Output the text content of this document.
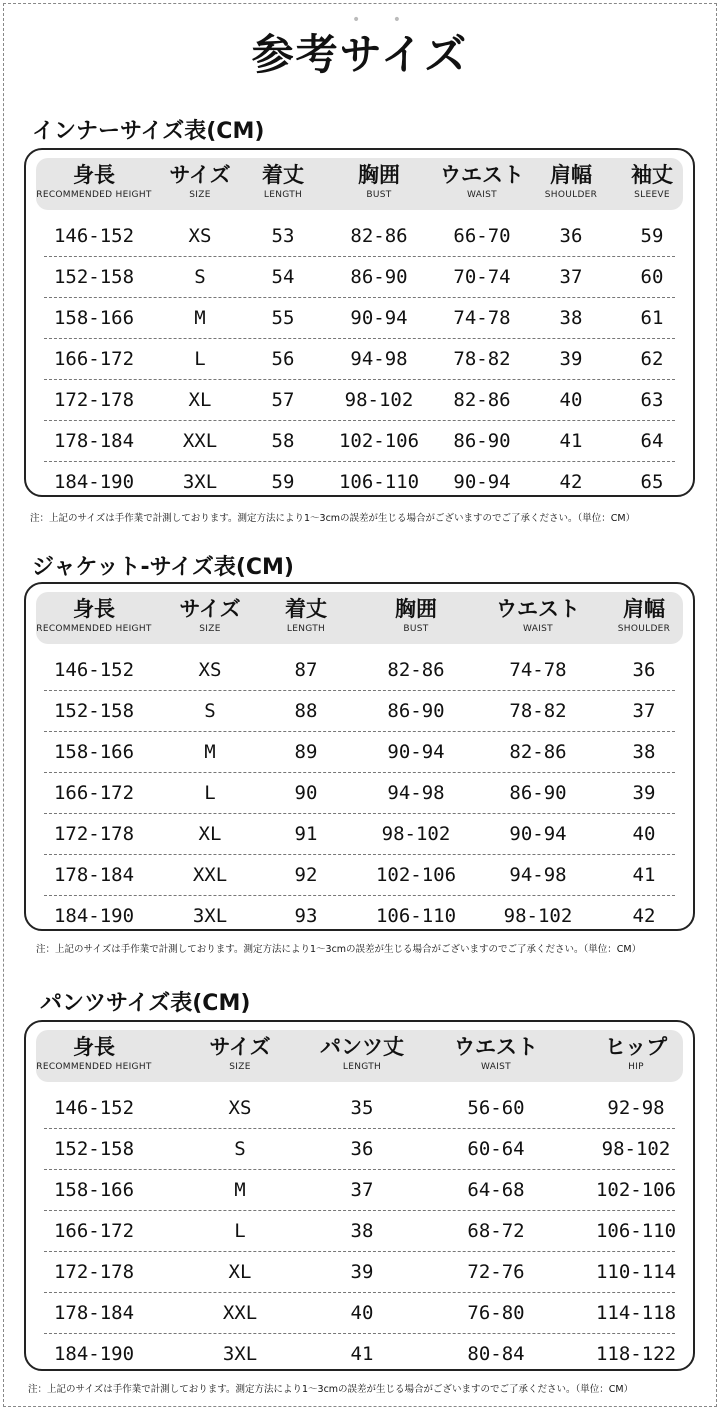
• •
参考サイズ
インナーサイズ表(CM)
身長
RECOMMENDED HEIGHT
サイズ
SIZE
着丈
LENGTH
胸囲
BUST
ウエスト
WAIST
肩幅
SHOULDER
袖丈
SLEEVE
146-152	XS	53	82-86	66-70	36	59
152-158	S	54	86-90	70-74	37	60
158-166	M	55	90-94	74-78	38	61
166-172	L	56	94-98	78-82	39	62
172-178	XL	57	98-102	82-86	40	63
178-184	XXL	58	102-106	86-90	41	64
184-190	3XL	59	106-110	90-94	42	65
注：上記のサイズは手作業で計測しております。測定方法により1〜3cmの誤差が生じる場合がございますのでご了承ください。（単位：CM）
ジャケット-サイズ表(CM)
身長
RECOMMENDED HEIGHT
サイズ
SIZE
着丈
LENGTH
胸囲
BUST
ウエスト
WAIST
肩幅
SHOULDER
146-152	XS	87	82-86	74-78	36
152-158	S	88	86-90	78-82	37
158-166	M	89	90-94	82-86	38
166-172	L	90	94-98	86-90	39
172-178	XL	91	98-102	90-94	40
178-184	XXL	92	102-106	94-98	41
184-190	3XL	93	106-110	98-102	42
注：上記のサイズは手作業で計測しております。測定方法により1〜3cmの誤差が生じる場合がございますのでご了承ください。（単位：CM）
パンツサイズ表(CM)
身長
RECOMMENDED HEIGHT
サイズ
SIZE
パンツ丈
LENGTH
ウエスト
WAIST
ヒップ
HIP
146-152	XS	35	56-60	92-98
152-158	S	36	60-64	98-102
158-166	M	37	64-68	102-106
166-172	L	38	68-72	106-110
172-178	XL	39	72-76	110-114
178-184	XXL	40	76-80	114-118
184-190	3XL	41	80-84	118-122
注：上記のサイズは手作業で計測しております。測定方法により1〜3cmの誤差が生じる場合がございますのでご了承ください。（単位：CM）
